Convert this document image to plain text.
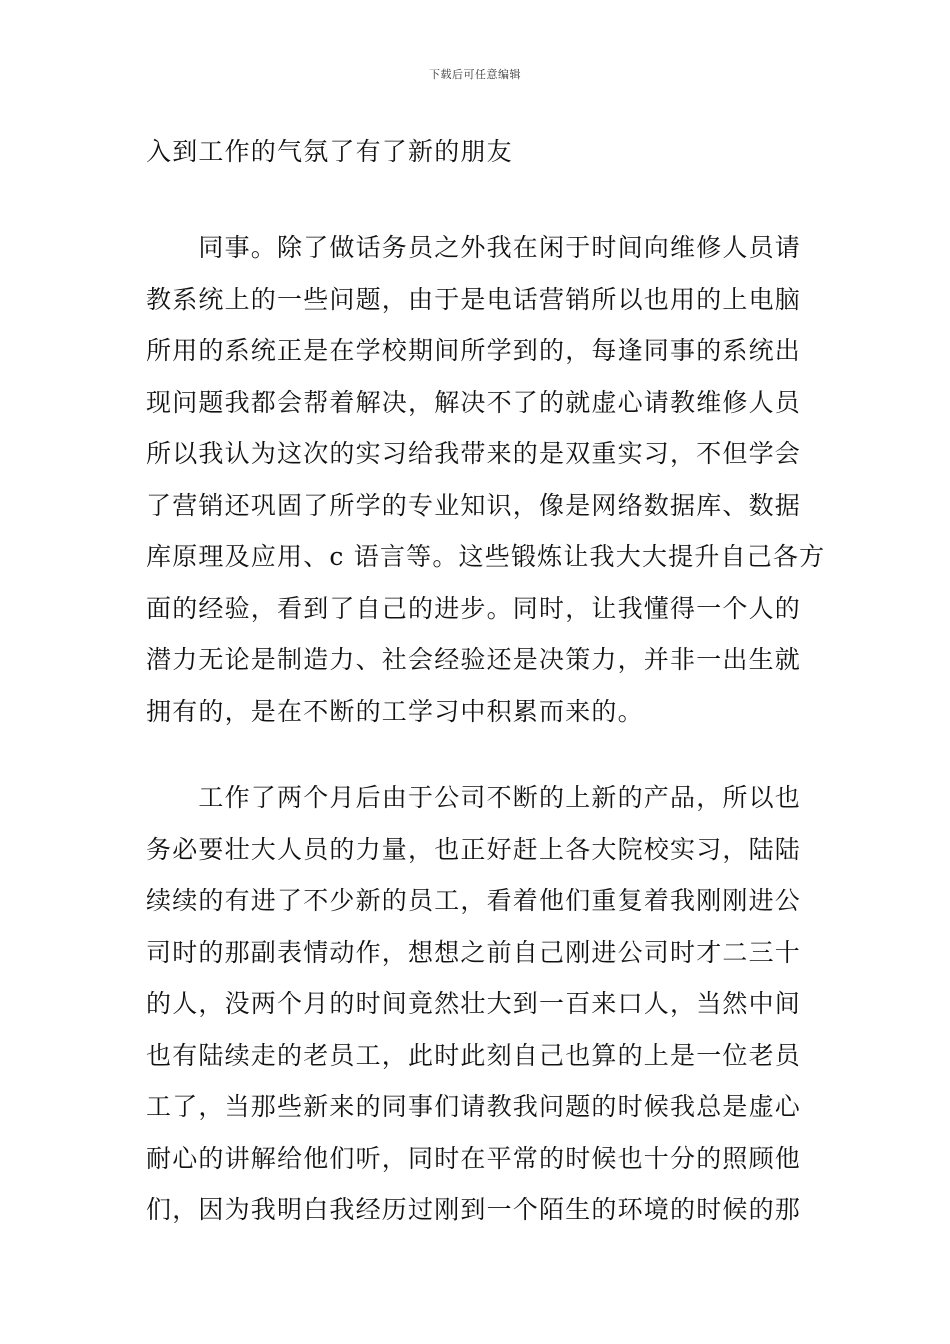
下载后可任意编辑
入到工作的气氛了有了新的朋友
　　同事。除了做话务员之外我在闲于时间向维修人员请
教系统上的一些问题，由于是电话营销所以也用的上电脑
所用的系统正是在学校期间所学到的，每逢同事的系统出
现问题我都会帮着解决，解决不了的就虚心请教维修人员
所以我认为这次的实习给我带来的是双重实习，不但学会
了营销还巩固了所学的专业知识，像是网络数据库、数据
库原理及应用、c 语言等。这些锻炼让我大大提升自己各方
面的经验，看到了自己的进步。同时，让我懂得一个人的
潜力无论是制造力、社会经验还是决策力，并非一出生就
拥有的，是在不断的工学习中积累而来的。
　　工作了两个月后由于公司不断的上新的产品，所以也
务必要壮大人员的力量，也正好赶上各大院校实习，陆陆
续续的有进了不少新的员工，看着他们重复着我刚刚进公
司时的那副表情动作，想想之前自己刚进公司时才二三十
的人，没两个月的时间竟然壮大到一百来口人，当然中间
也有陆续走的老员工，此时此刻自己也算的上是一位老员
工了，当那些新来的同事们请教我问题的时候我总是虚心
耐心的讲解给他们听，同时在平常的时候也十分的照顾他
们，因为我明白我经历过刚到一个陌生的环境的时候的那
